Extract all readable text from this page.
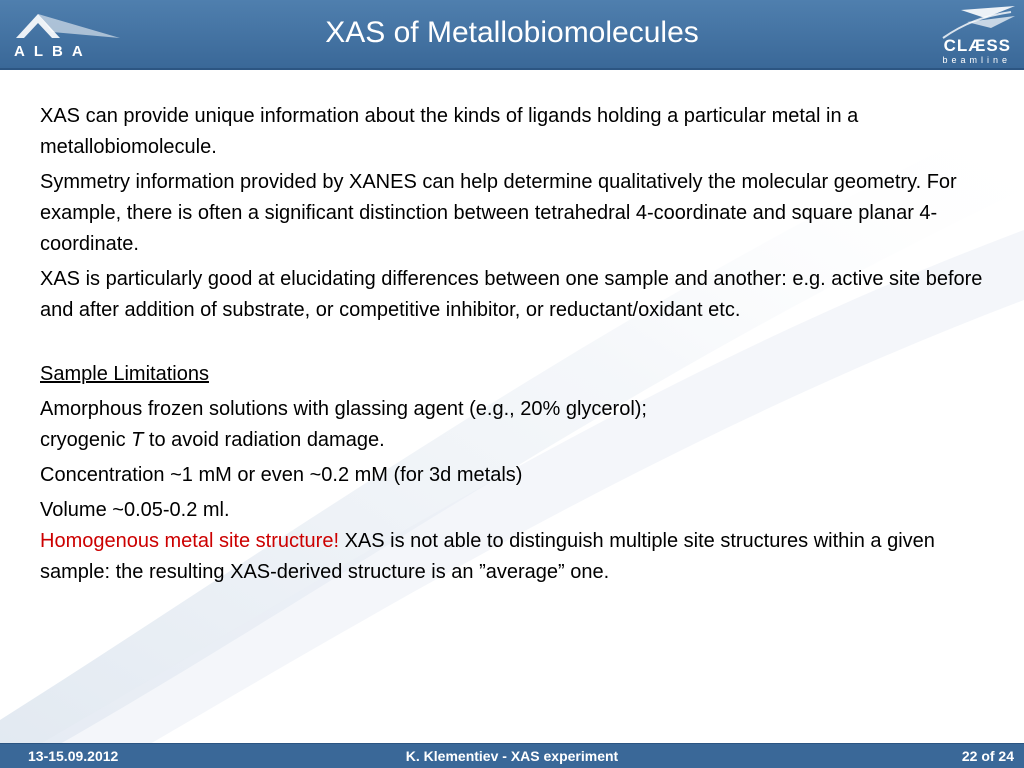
ALBA
XAS of Metallobiomolecules	CLÆSS
beamline

XAS can provide unique information about the kinds of ligands holding a particular metal in a metallobiomolecule.

Symmetry information provided by XANES can help determine qualitatively the molecular geometry. For example, there is often a significant distinction between tetrahedral 4-coordinate and square planar 4-coordinate.

XAS is particularly good at elucidating differences between one sample and another: e.g. active site before and after addition of substrate, or competitive inhibitor, or reductant/oxidant etc.

Sample Limitations

Amorphous frozen solutions with glassing agent (e.g., 20% glycerol);
cryogenic T to avoid radiation damage.

Concentration ~1 mM or even ~0.2 mM (for 3d metals)

Volume ~0.05-0.2 ml.
Homogenous metal site structure! XAS is not able to distinguish multiple site structures within a given sample: the resulting XAS-derived structure is an ”average” one.

13-15.09.2012	K. Klementiev - XAS experiment	22 of 24
